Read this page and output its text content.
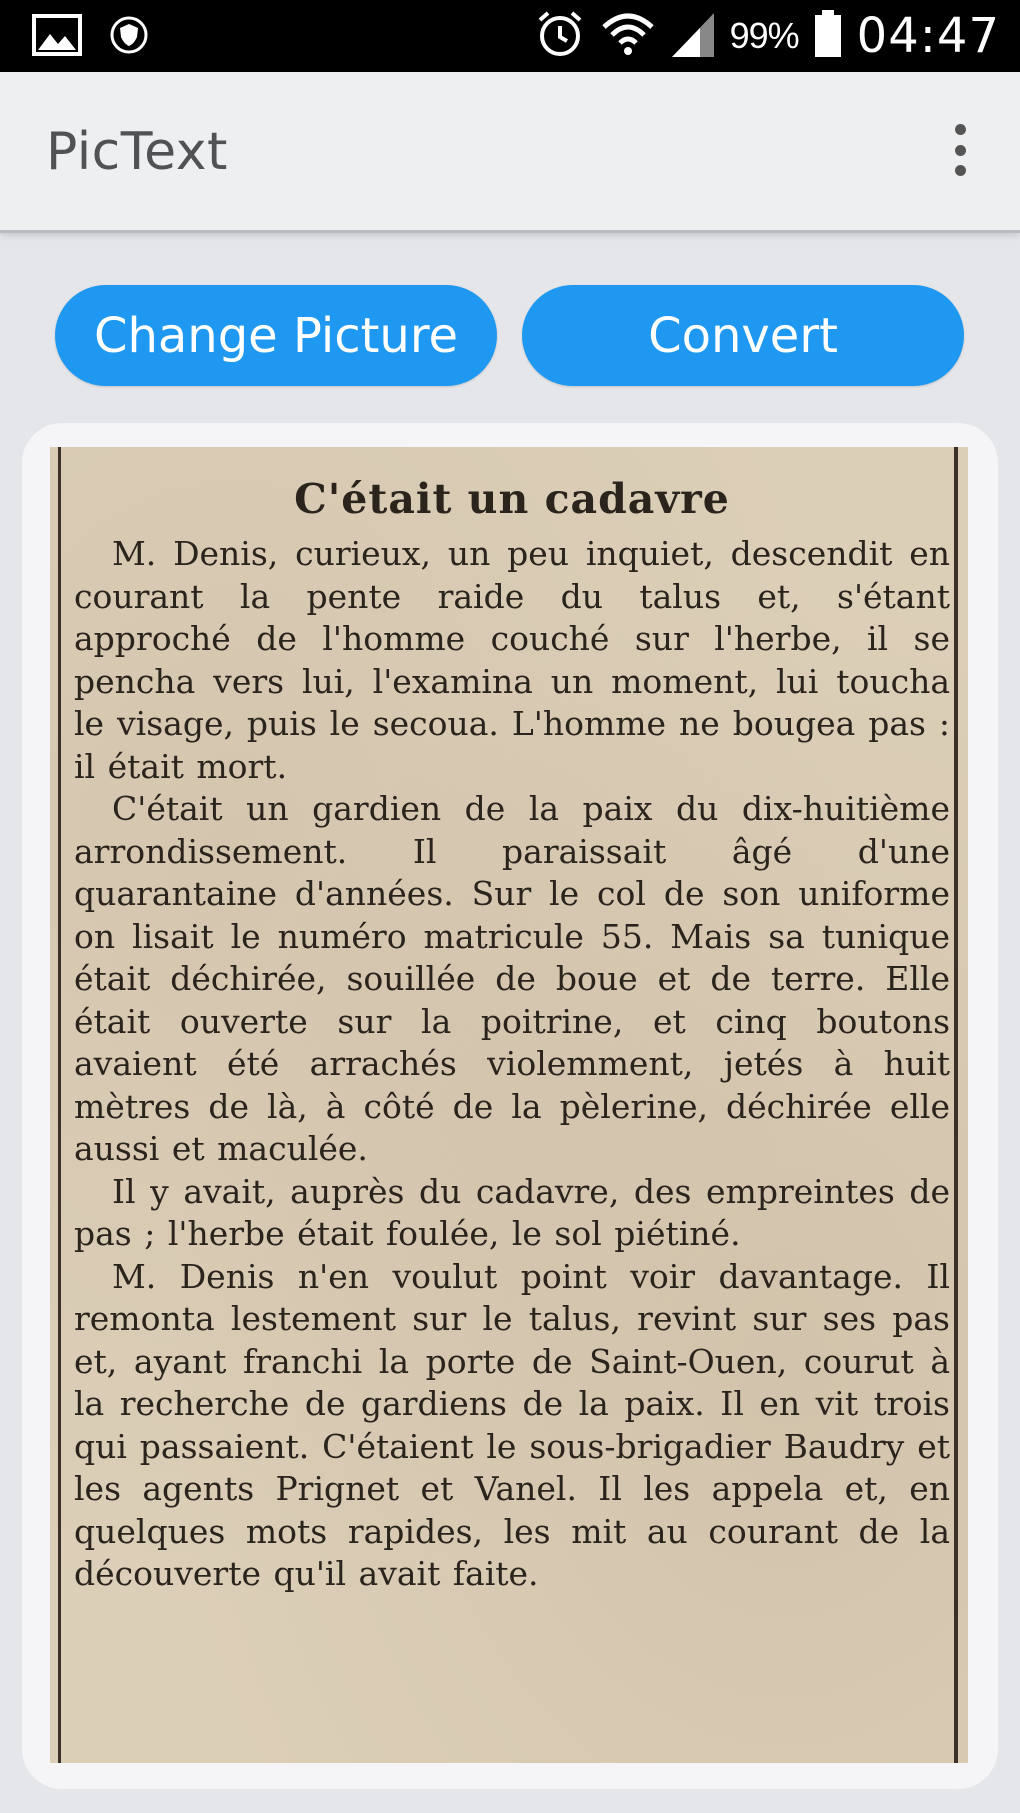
99% 04:47
PicText
Change Picture	Convert

C'était un cadavre

M. Denis, curieux, un peu inquiet, descendit en courant la pente raide du talus et, s'étant approché de l'homme couché sur l'herbe, il se pencha vers lui, l'examina un moment, lui toucha le visage, puis le secoua. L'homme ne bougea pas : il était mort.

C'était un gardien de la paix du dix-huitième arrondissement. Il paraissait âgé d'une quarantaine d'années. Sur le col de son uniforme on lisait le numéro matricule 55. Mais sa tunique était déchirée, souillée de boue et de terre. Elle était ouverte sur la poitrine, et cinq boutons avaient été arrachés violemment, jetés à huit mètres de là, à côté de la pèlerine, déchirée elle aussi et maculée.

Il y avait, auprès du cadavre, des empreintes de pas ; l'herbe était foulée, le sol piétiné.

M. Denis n'en voulut point voir davantage. Il remonta lestement sur le talus, revint sur ses pas et, ayant franchi la porte de Saint-Ouen, courut à la recherche de gardiens de la paix. Il en vit trois qui passaient. C'étaient le sous-brigadier Baudry et les agents Prignet et Vanel. Il les appela et, en quelques mots rapides, les mit au courant de la découverte qu'il avait faite.
